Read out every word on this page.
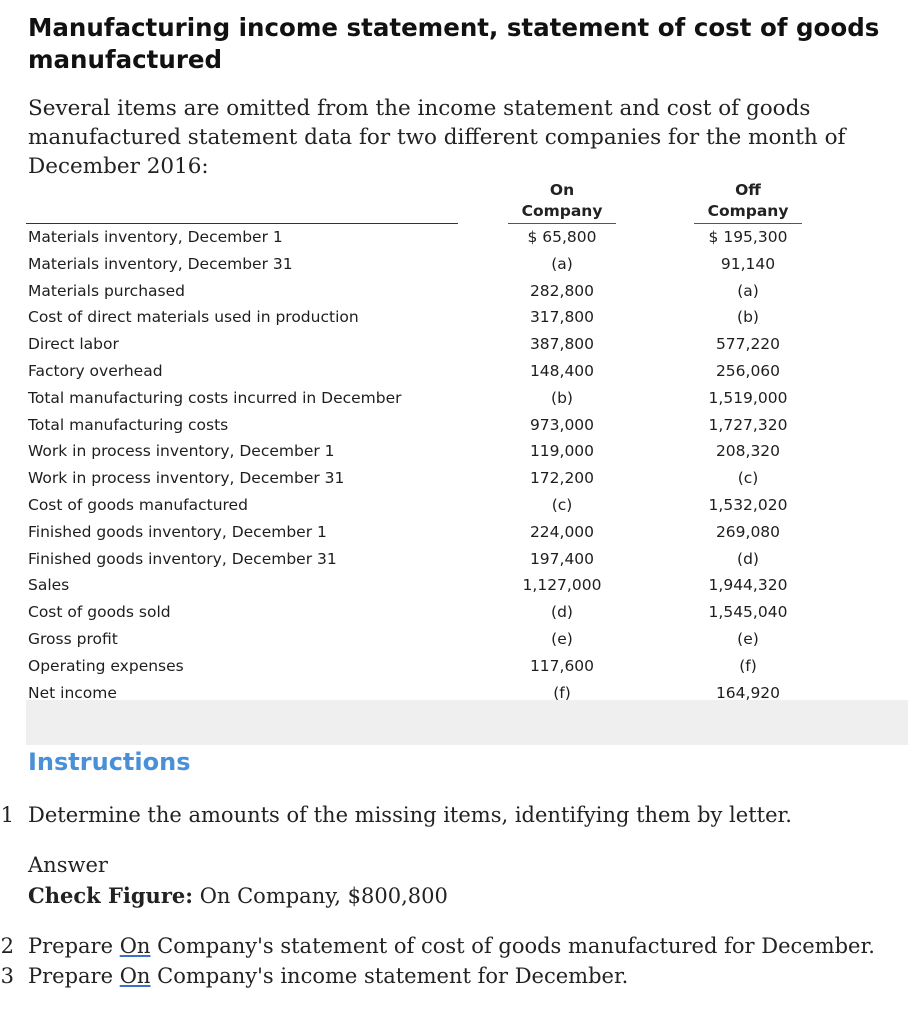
Manufacturing income statement, statement of cost of goods manufactured

Several items are omitted from the income statement and cost of goods manufactured statement data for two different companies for the month of December 2016:

On
Company
Off
Company
Materials inventory, December 1	$ 65,800	$ 195,300
Materials inventory, December 31	(a)	91,140
Materials purchased	282,800	(a)
Cost of direct materials used in production	317,800	(b)
Direct labor	387,800	577,220
Factory overhead	148,400	256,060
Total manufacturing costs incurred in December	(b)	1,519,000
Total manufacturing costs	973,000	1,727,320
Work in process inventory, December 1	119,000	208,320
Work in process inventory, December 31	172,200	(c)
Cost of goods manufactured	(c)	1,532,020
Finished goods inventory, December 1	224,000	269,080
Finished goods inventory, December 31	197,400	(d)
Sales	1,127,000	1,944,320
Cost of goods sold	(d)	1,545,040
Gross profit	(e)	(e)
Operating expenses	117,600	(f)
Net income	(f)	164,920
Instructions

1 Determine the amounts of the missing items, identifying them by letter.

Answer

Check Figure: On Company, $800,800

2 Prepare On Company's statement of cost of goods manufactured for December.

3 Prepare On Company's income statement for December.
